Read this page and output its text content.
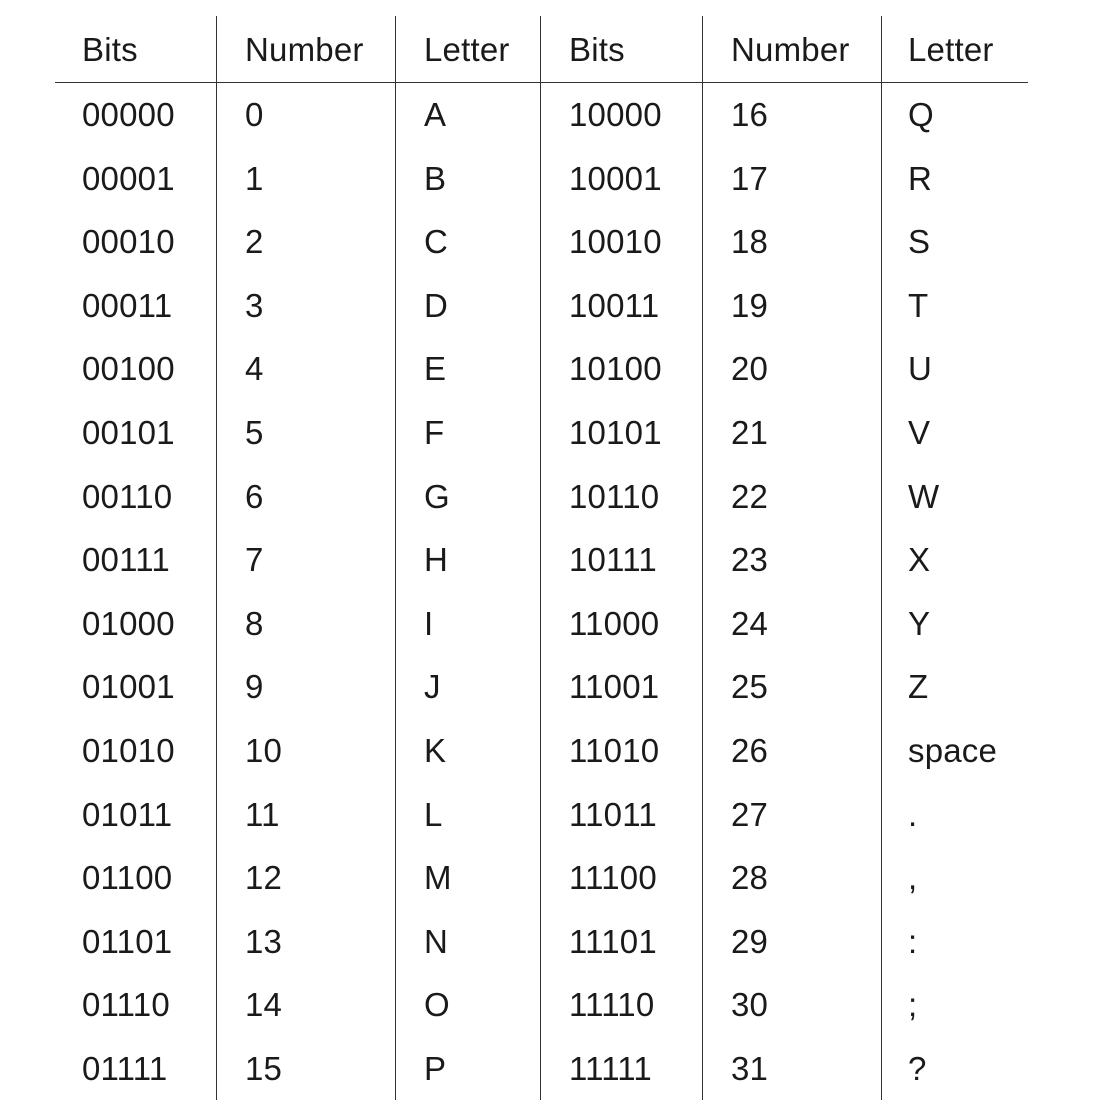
Bits	Number Letter Bits	Number Letter
00000 0	A	10000 16	Q
00001 1	B	10001 17	R
00010 2	C	10010 18	S
00011 3	D	10011 19	T
00100 4	E	10100 20	U
00101 5	F	10101 21	V
00110 6	G	10110 22	W
00111 7	H	10111 23	X
01000 8	I	11000 24	Y
01001 9	J	11001 25	Z
01010 10	K	11010 26	space
01011 11	L	11011 27	.
01100 12	M	11100 28	,
01101 13	N	11101 29	:
01110 14	O	11110 30	;
01111 15	P	11111 31	?
